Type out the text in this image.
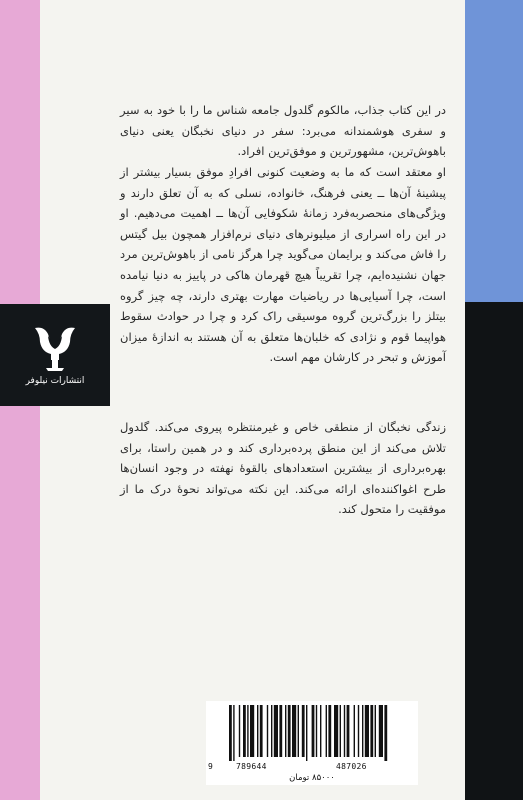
انتشارات نیلوفر

در این کتاب جذاب، مالکوم گلدول جامعه شناس ما را با خود به سیر و سفری هوشمندانه می‌برد: سفر در دنیای نخبگان یعنی دنیای باهوش‌ترین، مشهورترین و موفق‌ترین افراد.

او معتقد است که ما به وضعیت کنونی افرادِ موفق بسیار بیشتر از پیشینهٔ آن‌ها ــ یعنی فرهنگ، خانواده، نسلی که به آن تعلق دارند و ویژگی‌های منحصربه‌فرد زمانهٔ شکوفایی آن‌ها ــ اهمیت می‌دهیم. او در این راه اسراری از میلیونرهای دنیای نرم‌افزار همچون بیل گیتس را فاش می‌کند و برایمان می‌گوید چرا هرگز نامی از باهوش‌ترین مرد جهان نشنیده‌ایم، چرا تقریباً هیچ قهرمان هاکی در پاییز به دنیا نیامده است، چرا آسیایی‌ها در ریاضیات مهارت بهتری دارند، چه چیز گروه بیتلز را بزرگ‌ترین گروه موسیقی راک کرد و چرا در حوادث سقوط هواپیما قوم و نژادی که خلبان‌ها متعلق به آن هستند به اندازهٔ میزان آموزش و تبحر در کارشان مهم است.

زندگی نخبگان از منطقی خاص و غیرمنتظره پیروی می‌کند. گلدول تلاش می‌کند از این منطق پرده‌برداری کند و در همین راستا، برای بهره‌برداری از بیشترین استعدادهای بالقوهٔ نهفته در وجود انسان‌ها طرح اغواکننده‌ای ارائه می‌کند. این نکته می‌تواند نحوهٔ درک ما از موفقیت را متحول کند.

9	789644	487026
۸۵۰۰۰ تومان
